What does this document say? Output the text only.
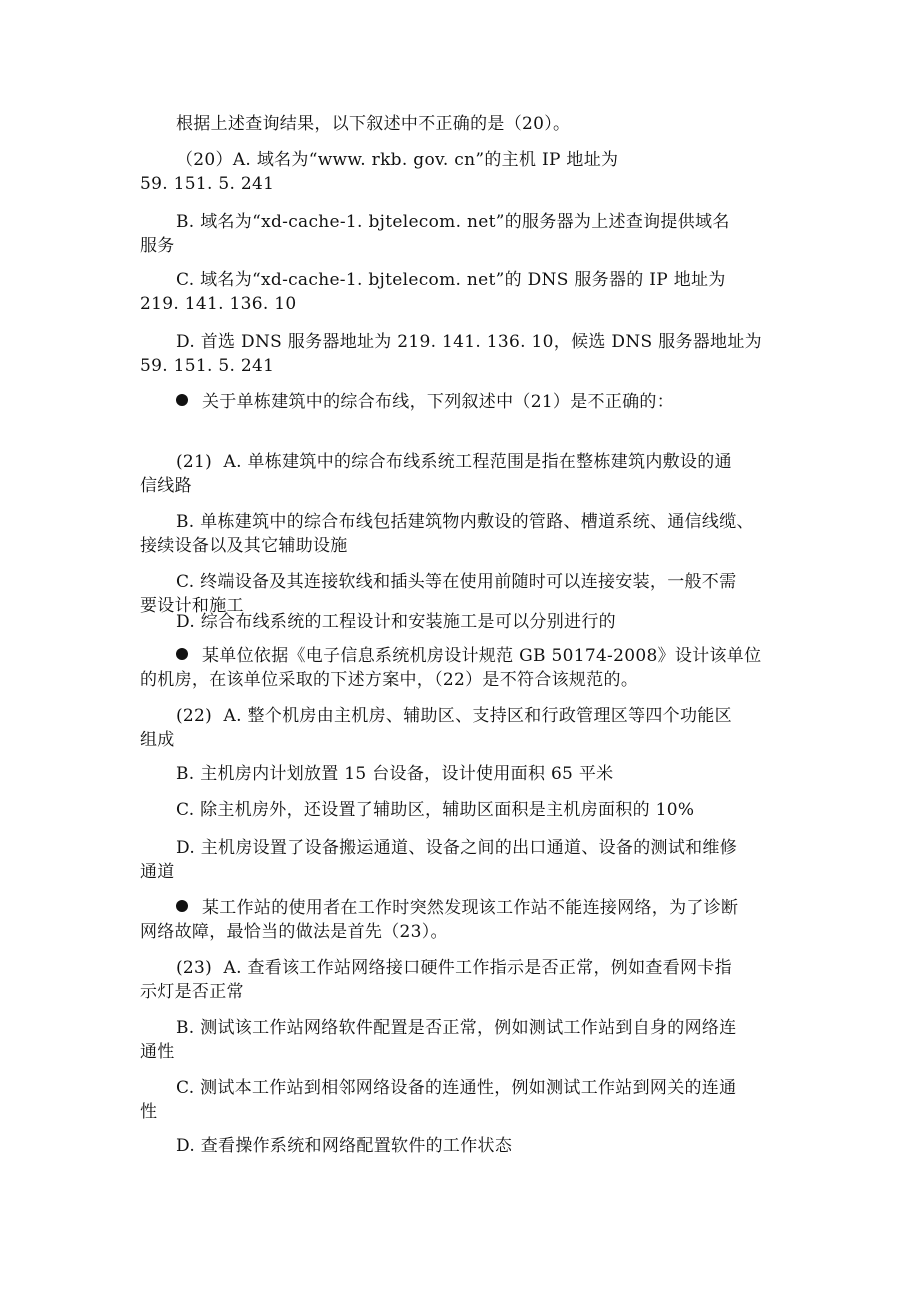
根据上述查询结果，以下叙述中不正确的是（20）。
（20）A. 域名为“www. rkb. gov. cn”的主机 IP 地址为
59. 151. 5. 241
B. 域名为“xd-cache-1. bjtelecom. net”的服务器为上述查询提供域名
服务
C. 域名为“xd-cache-1. bjtelecom. net”的 DNS 服务器的 IP 地址为
219. 141. 136. 10
D. 首选 DNS 服务器地址为 219. 141. 136. 10，候选 DNS 服务器地址为
59. 151. 5. 241
关于单栋建筑中的综合布线，下列叙述中（21）是不正确的：
(21)  A. 单栋建筑中的综合布线系统工程范围是指在整栋建筑内敷设的通
信线路
B. 单栋建筑中的综合布线包括建筑物内敷设的管路、槽道系统、通信线缆、
接续设备以及其它辅助设施
C. 终端设备及其连接软线和插头等在使用前随时可以连接安装，一般不需
要设计和施工
D. 综合布线系统的工程设计和安装施工是可以分别进行的
某单位依据《电子信息系统机房设计规范 GB 50174-2008》设计该单位
的机房，在该单位采取的下述方案中，（22）是不符合该规范的。
(22)  A. 整个机房由主机房、辅助区、支持区和行政管理区等四个功能区
组成
B. 主机房内计划放置 15 台设备，设计使用面积 65 平米
C. 除主机房外，还设置了辅助区，辅助区面积是主机房面积的 10%
D. 主机房设置了设备搬运通道、设备之间的出口通道、设备的测试和维修
通道
某工作站的使用者在工作时突然发现该工作站不能连接网络，为了诊断
网络故障，最恰当的做法是首先（23）。
(23)  A. 查看该工作站网络接口硬件工作指示是否正常，例如查看网卡指
示灯是否正常
B. 测试该工作站网络软件配置是否正常，例如测试工作站到自身的网络连
通性
C. 测试本工作站到相邻网络设备的连通性，例如测试工作站到网关的连通
性
D. 查看操作系统和网络配置软件的工作状态
